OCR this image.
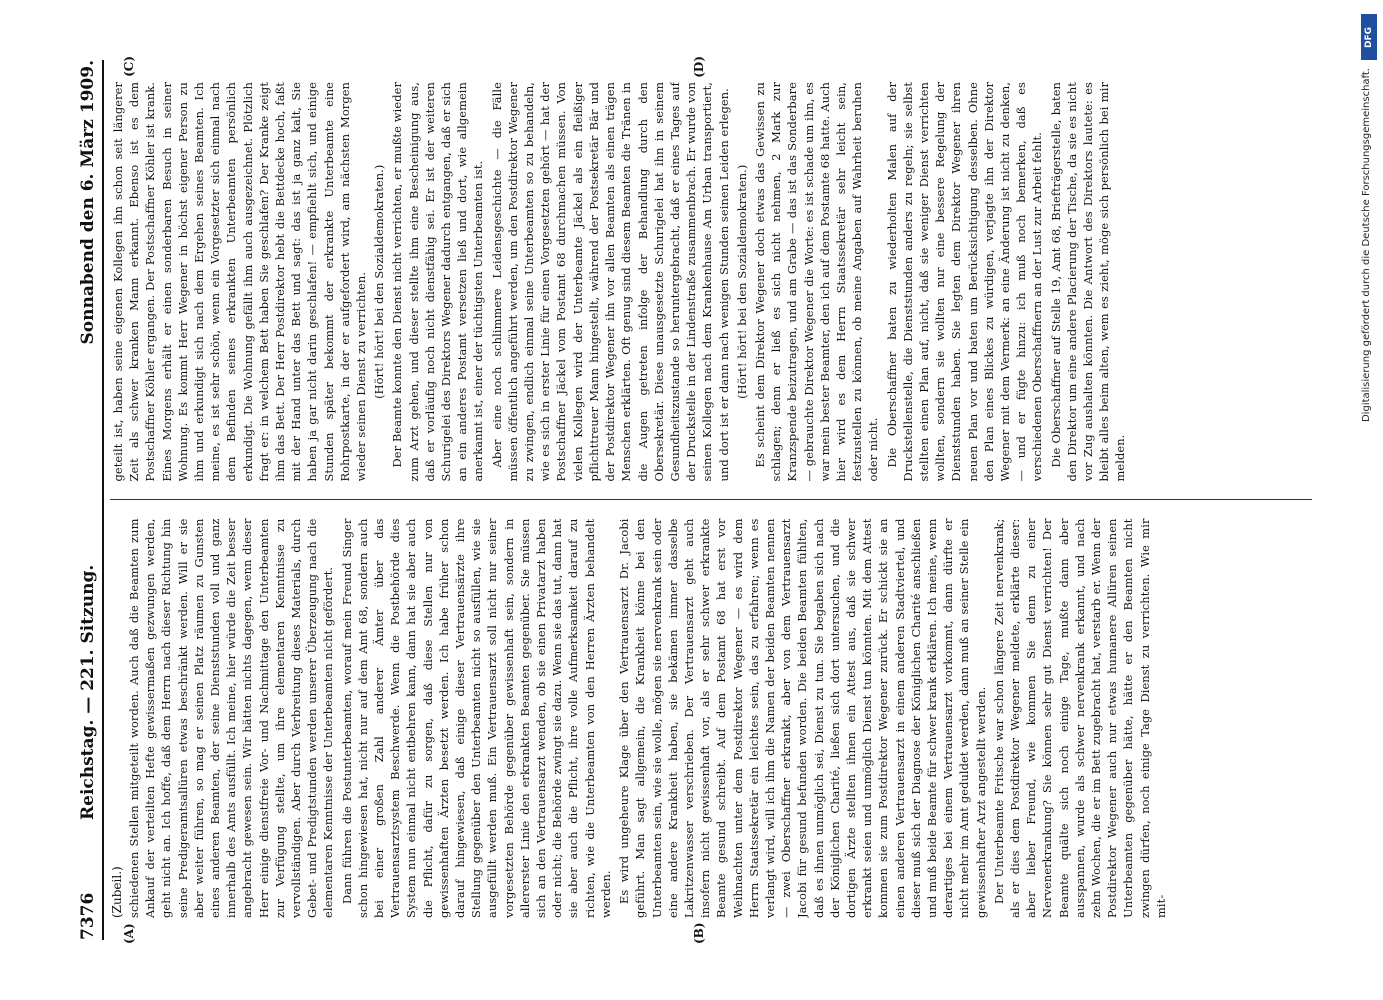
7376
Reichstag. — 221. Sitzung.
Sonnabend den 6. März 1909.
(A)	(B)
(C)	(D)
(Zubeil.) schiedenen Stellen mitgeteilt worden. Auch daß die Beamten zum Ankauf der verteilten Hefte gewissermaßen gezwungen werden, geht nicht an. Ich hoffe, daß dem Herrn nach dieser Richtung hin seine Predigeramtsallüren etwas beschränkt werden. Will er sie aber weiter führen, so mag er seinen Platz räumen zu Gunsten eines anderen Beamten, der seine Dienststunden voll und ganz innerhalb des Amts ausfüllt. Ich meine, hier würde die Zeit besser angebracht gewesen sein. Wir hätten nichts dagegen, wenn dieser Herr einige dienstfreie Vor- und Nachmittage den Unterbeamten zur Verfügung stellte, um ihre elementaren Kenntnisse zu vervollständigen. Aber durch Verbreitung dieses Materials, durch Gebet- und Predigtstunden werden unserer Überzeugung nach die elementaren Kenntnisse der Unterbeamten nicht gefördert. Dann führen die Postunterbeamten, worauf mein Freund Singer schon hingewiesen hat, nicht nur auf dem Amt 68, sondern auch bei einer großen Zahl anderer Ämter über das Vertrauensarztsystem Beschwerde. Wenn die Postbehörde dies System nun einmal nicht entbehren kann, dann hat sie aber auch die Pflicht, dafür zu sorgen, daß diese Stellen nur von gewissenhaften Ärzten besetzt werden. Ich habe früher schon darauf hingewiesen, daß einige dieser Vertrauensärzte ihre Stellung gegenüber den Unterbeamten nicht so ausfüllen, wie sie ausgefüllt werden muß. Ein Vertrauensarzt soll nicht nur seiner vorgesetzten Behörde gegenüber gewissenhaft sein, sondern in allererster Linie den erkrankten Beamten gegenüber. Sie müssen sich an den Vertrauensarzt wenden, ob sie einen Privatarzt haben oder nicht; die Behörde zwingt sie dazu. Wenn sie das tut, dann hat sie aber auch die Pflicht, ihre volle Aufmerksamkeit darauf zu richten, wie die Unterbeamten von den Herren Ärzten behandelt werden. Es wird ungeheure Klage über den Vertrauensarzt Dr. Jacobi geführt. Man sagt allgemein, die Krankheit könne bei den Unterbeamten sein, wie sie wolle, mögen sie nervenkrank sein oder eine andere Krankheit haben, sie bekämen immer dasselbe Lakritzenwasser verschrieben. Der Vertrauensarzt geht auch insofern nicht gewissenhaft vor, als er sehr schwer erkrankte Beamte gesund schreibt. Auf dem Postamt 68 hat erst vor Weihnachten unter dem Postdirektor Wegener — es wird dem Herrn Staatssekretär ein leichtes sein, das zu erfahren; wenn es verlangt wird, will ich ihm die Namen der beiden Beamten nennen — zwei Oberschaffner erkrankt, aber von dem Vertrauensarzt Jacobi für gesund befunden worden. Die beiden Beamten fühlten, daß es ihnen unmöglich sei, Dienst zu tun. Sie begaben sich nach der Königlichen Charité, ließen sich dort untersuchen, und die dortigen Ärzte stellten ihnen ein Attest aus, daß sie schwer erkrankt seien und unmöglich Dienst tun könnten. Mit dem Attest kommen sie zum Postdirektor Wegener zurück. Er schickt sie an einen anderen Vertrauensarzt in einem anderen Stadtviertel, und dieser muß sich der Diagnose der Königlichen Charité anschließen und muß beide Beamte für schwer krank erklären. Ich meine, wenn derartiges bei einem Vertrauensarzt vorkommt, dann dürfte er nicht mehr im Amt geduldet werden, dann muß an seiner Stelle ein gewissenhafter Arzt angestellt werden. Der Unterbeamte Fritsche war schon längere Zeit nervenkrank; als er dies dem Postdirektor Wegener meldete, erklärte dieser: aber lieber Freund, wie kommen Sie denn zu einer Nervenerkrankung? Sie können sehr gut Dienst verrichten! Der Beamte quälte sich noch einige Tage, mußte dann aber ausspannen, wurde als schwer nervenkrank erkannt, und nach zehn Wochen, die er im Bett zugebracht hat, verstarb er. Wenn der Postdirektor Wegener auch nur etwas humanere Allüren seinen Unterbeamten gegenüber hätte, hätte er den Beamten nicht zwingen dürfen, noch einige Tage Dienst zu verrichten. Wie mir mit-

geteilt ist, haben seine eigenen Kollegen ihn schon seit längerer Zeit als schwer kranken Mann erkannt. Ebenso ist es dem Postschaffner Köhler ergangen. Der Postschaffner Köhler ist krank. Eines Morgens erhält er einen sonderbaren Besuch in seiner Wohnung. Es kommt Herr Wegener in höchst eigener Person zu ihm und erkundigt sich nach dem Ergehen seines Beamten. Ich meine, es ist sehr schön, wenn ein Vorgesetzter sich einmal nach dem Befinden seines erkrankten Unterbeamten persönlich erkundigt. Die Wohnung gefällt ihm auch ausgezeichnet. Plötzlich fragt er: in welchem Bett haben Sie geschlafen? Der Kranke zeigt ihm das Bett. Der Herr Postdirektor hebt die Bettdecke hoch, faßt mit der Hand unter das Bett und sagt: das ist ja ganz kalt, Sie haben ja gar nicht darin geschlafen! — empfiehlt sich, und einige Stunden später bekommt der erkrankte Unterbeamte eine Rohrpostkarte, in der er aufgefordert wird, am nächsten Morgen wieder seinen Dienst zu verrichten. (Hört! hört! bei den Sozialdemokraten.) Der Beamte konnte den Dienst nicht verrichten, er mußte wieder zum Arzt gehen, und dieser stellte ihm eine Bescheinigung aus, daß er vorläufig noch nicht dienstfähig sei. Er ist der weiteren Schurigelei des Direktors Wegener dadurch entgangen, daß er sich an ein anderes Postamt versetzen ließ und dort, wie allgemein anerkannt ist, einer der tüchtigsten Unterbeamten ist. Aber eine noch schlimmere Leidensgeschichte — die Fälle müssen öffentlich angeführt werden, um den Postdirektor Wegener zu zwingen, endlich einmal seine Unterbeamten so zu behandeln, wie es sich in erster Linie für einen Vorgesetzten gehört — hat der Postschaffner Jäckel vom Postamt 68 durchmachen müssen. Von vielen Kollegen wird der Unterbeamte Jäckel als ein fleißiger pflichttreuer Mann hingestellt, während der Postsekretär Bär und der Postdirektor Wegener ihn vor allen Beamten als einen trägen Menschen erklärten. Oft genug sind diesem Beamten die Tränen in die Augen getreten infolge der Behandlung durch den Obersekretär. Diese unausgesetzte Schurigelei hat ihn in seinem Gesundheitszustande so heruntergebracht, daß er eines Tages auf der Druckstelle in der Lindenstraße zusammenbrach. Er wurde von seinen Kollegen nach dem Krankenhause Am Urban transportiert, und dort ist er dann nach wenigen Stunden seinen Leiden erlegen. (Hört! hört! bei den Sozialdemokraten.) Es scheint dem Direktor Wegener doch etwas das Gewissen zu schlagen; denn er ließ es sich nicht nehmen, 2 Mark zur Kranzspende beizutragen, und am Grabe — das ist das Sonderbare — gebrauchte Direktor Wegener die Worte: es ist schade um ihn, es war mein bester Beamter, den ich auf dem Postamte 68 hatte. Auch hier wird es dem Herrn Staatssekretär sehr leicht sein, festzustellen zu können, ob meine Angaben auf Wahrheit beruhen oder nicht. Die Oberschaffner baten zu wiederholten Malen auf der Druckstellenstelle, die Dienststunden anders zu regeln; sie selbst stellten einen Plan auf, nicht, daß sie weniger Dienst verrichten wollten, sondern sie wollten nur eine bessere Regelung der Dienststunden haben. Sie legten dem Direktor Wegener ihren neuen Plan vor und baten um Berücksichtigung desselben. Ohne den Plan eines Blickes zu würdigen, verjagte ihn der Direktor Wegener mit dem Vermerk: an eine Änderung ist nicht zu denken, — und er fügte hinzu: ich muß noch bemerken, daß es verschiedenen Oberschaffnern an der Lust zur Arbeit fehlt. Die Oberschaffner auf Stelle 19, Amt 68, Briefträgerstelle, baten den Direktor um eine andere Placierung der Tische, da sie es nicht vor Zug aushalten könnten. Die Antwort des Direktors lautete: es bleibt alles beim alten, wem es zieht, möge sich persönlich bei mir melden.

DFG
Digitalisierung gefördert durch die Deutsche Forschungsgemeinschaft.
